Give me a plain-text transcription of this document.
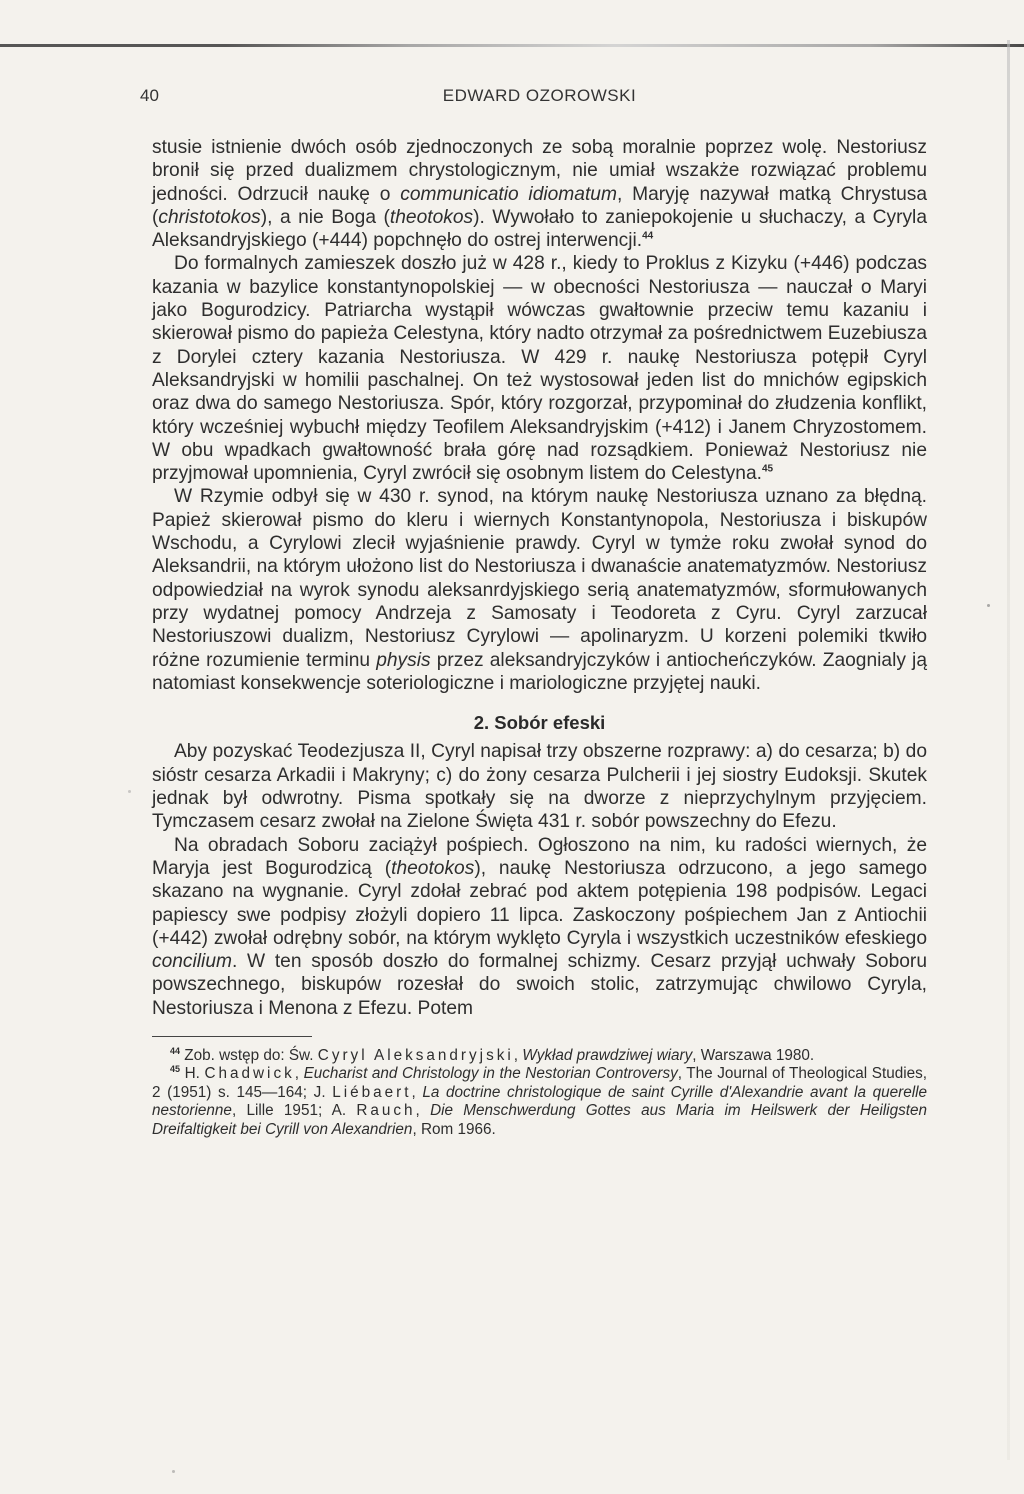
40	EDWARD OZOROWSKI

stusie istnienie dwóch osób zjednoczonych ze sobą moralnie poprzez wolę. Nestoriusz bronił się przed dualizmem chrystologicznym, nie umiał wszakże rozwiązać problemu jedności. Odrzucił naukę o communicatio idiomatum, Maryję nazywał matką Chrystusa (christotokos), a nie Boga (theotokos). Wywołało to zaniepokojenie u słuchaczy, a Cyryla Aleksandryjskiego (+444) popchnęło do ostrej interwencji.$^{44}$

Do formalnych zamieszek doszło już w 428 r., kiedy to Proklus z Kizyku (+446) podczas kazania w bazylice konstantynopolskiej — w obecności Nestoriusza — nauczał o Maryi jako Bogurodzicy. Patriarcha wystąpił wówczas gwałtownie przeciw temu kazaniu i skierował pismo do papieża Celestyna, który nadto otrzymał za pośrednictwem Euzebiusza z Dorylei cztery kazania Nestoriusza. W 429 r. naukę Nestoriusza potępił Cyryl Aleksandryjski w homilii paschalnej. On też wystosował jeden list do mnichów egipskich oraz dwa do samego Nestoriusza. Spór, który rozgorzał, przypominał do złudzenia konflikt, który wcześniej wybuchł między Teofilem Aleksandryjskim (+412) i Janem Chryzostomem. W obu wpadkach gwałtowność brała górę nad rozsądkiem. Ponieważ Nestoriusz nie przyjmował upomnienia, Cyryl zwrócił się osobnym listem do Celestyna.$^{45}$

W Rzymie odbył się w 430 r. synod, na którym naukę Nestoriusza uznano za błędną. Papież skierował pismo do kleru i wiernych Konstantynopola, Nestoriusza i biskupów Wschodu, a Cyrylowi zlecił wyjaśnienie prawdy. Cyryl w tymże roku zwołał synod do Aleksandrii, na którym ułożono list do Nestoriusza i dwanaście anatematyzmów. Nestoriusz odpowiedział na wyrok synodu aleksanrdyjskiego serią anatematyzmów, sformułowanych przy wydatnej pomocy Andrzeja z Samosaty i Teodoreta z Cyru. Cyryl zarzucał Nestoriuszowi dualizm, Nestoriusz Cyrylowi — apolinaryzm. U korzeni polemiki tkwiło różne rozumienie terminu physis przez aleksandryjczyków i antiocheńczyków. Zaognialy ją natomiast konsekwencje soteriologiczne i mariologiczne przyjętej nauki.

2. Sobór efeski

Aby pozyskać Teodezjusza II, Cyryl napisał trzy obszerne rozprawy: a) do cesarza; b) do sióstr cesarza Arkadii i Makryny; c) do żony cesarza Pulcherii i jej siostry Eudoksji. Skutek jednak był odwrotny. Pisma spotkały się na dworze z nieprzychylnym przyjęciem. Tymczasem cesarz zwołał na Zielone Święta 431 r. sobór powszechny do Efezu.

Na obradach Soboru zaciążył pośpiech. Ogłoszono na nim, ku radości wiernych, że Maryja jest Bogurodzicą (theotokos), naukę Nestoriusza odrzucono, a jego samego skazano na wygnanie. Cyryl zdołał zebrać pod aktem potępienia 198 podpisów. Legaci papiescy swe podpisy złożyli dopiero 11 lipca. Zaskoczony pośpiechem Jan z Antiochii (+442) zwołał odrębny sobór, na którym wyklęto Cyryla i wszystkich uczestników efeskiego concilium. W ten sposób doszło do formalnej schizmy. Cesarz przyjął uchwały Soboru powszechnego, biskupów rozesłał do swoich stolic, zatrzymując chwilowo Cyryla, Nestoriusza i Menona z Efezu. Potem

$^{44}$ Zob. wstęp do: Św. Cyryl Aleksandryjski, Wykład prawdziwej wiary, Warszawa 1980.

$^{45}$ H. Chadwick, Eucharist and Christology in the Nestorian Controversy, The Journal of Theological Studies, 2 (1951) s. 145—164; J. Liébaert, La doctrine christologique de saint Cyrille d'Alexandrie avant la querelle nestorienne, Lille 1951; A. Rauch, Die Menschwerdung Gottes aus Maria im Heilswerk der Heiligsten Dreifaltigkeit bei Cyrill von Alexandrien, Rom 1966.
